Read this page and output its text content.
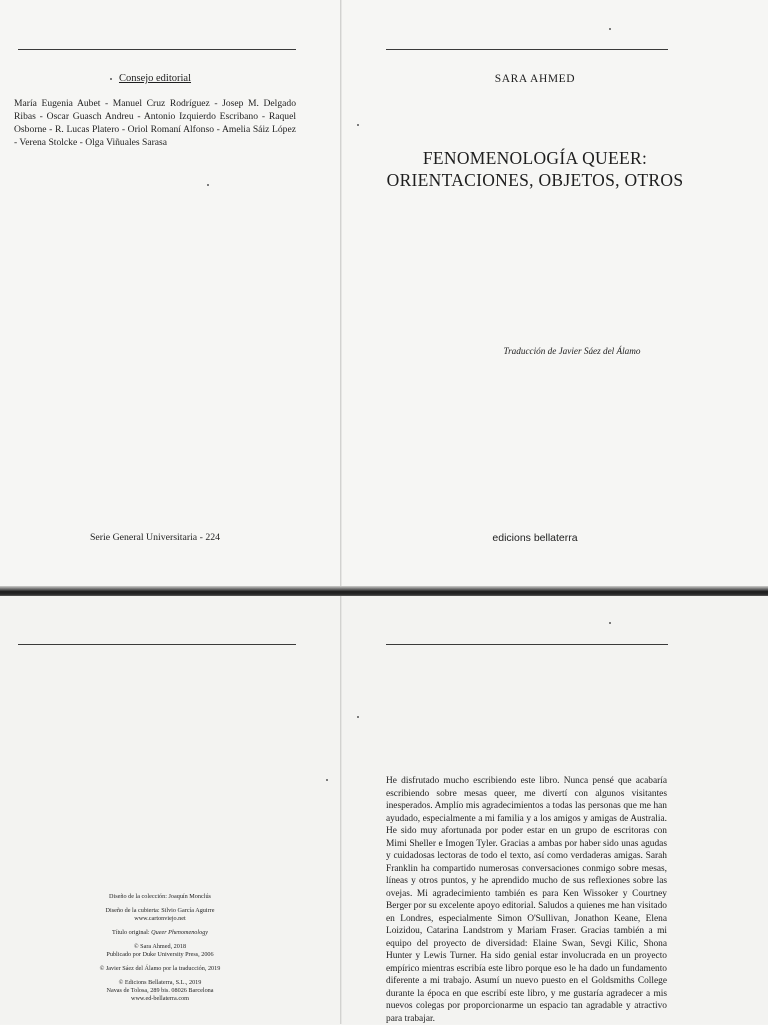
Consejo editorial
María Eugenia Aubet - Manuel Cruz Rodríguez - Josep M. Delgado Ribas - Oscar Guasch Andreu - Antonio Izquierdo Escribano - Raquel Osborne - R. Lucas Platero - Oriol Romaní Alfonso - Amelia Sáiz López - Verena Stolcke - Olga Viñuales Sarasa
Serie General Universitaria - 224
SARA AHMED
FENOMENOLOGÍA QUEER:
ORIENTACIONES, OBJETOS, OTROS
Traducción de Javier Sáez del Álamo
edicions bellaterra

Diseño de la colección: Joaquín Monclús

Diseño de la cubierta: Silvio García Aguirre

www.cartonviejo.net

Título original: Queer Phenomenology

© Sara Ahmed, 2018

Publicado por Duke University Press, 2006

© Javier Sáez del Álamo por la traducción, 2019

© Edicions Bellaterra, S.L., 2019

Navas de Tolosa, 289 bis. 08026 Barcelona

www.ed-bellaterra.com

He disfrutado mucho escribiendo este libro. Nunca pensé que acabaría escribiendo sobre mesas queer, me divertí con algunos visitantes inesperados. Amplío mis agradecimientos a todas las personas que me han ayudado, especialmente a mi familia y a los amigos y amigas de Australia. He sido muy afortunada por poder estar en un grupo de escritoras con Mimi Sheller e Imogen Tyler. Gracias a ambas por haber sido unas agudas y cuidadosas lectoras de todo el texto, así como verdaderas amigas. Sarah Franklin ha compartido numerosas conversaciones conmigo sobre mesas, líneas y otros puntos, y he aprendido mucho de sus reflexiones sobre las ovejas. Mi agradecimiento también es para Ken Wissoker y Courtney Berger por su excelente apoyo editorial. Saludos a quienes me han visitado en Londres, especialmente Simon O'Sullivan, Jonathon Keane, Elena Loizidou, Catarina Landstrom y Mariam Fraser. Gracias también a mi equipo del proyecto de diversidad: Elaine Swan, Sevgi Kilic, Shona Hunter y Lewis Turner. Ha sido genial estar involucrada en un proyecto empírico mientras escribía este libro porque eso le ha dado un fundamento diferente a mi trabajo. Asumí un nuevo puesto en el Goldsmiths College durante la época en que escribí este libro, y me gustaría agradecer a mis nuevos colegas por proporcionarme un espacio tan agradable y atractivo para trabajar.
